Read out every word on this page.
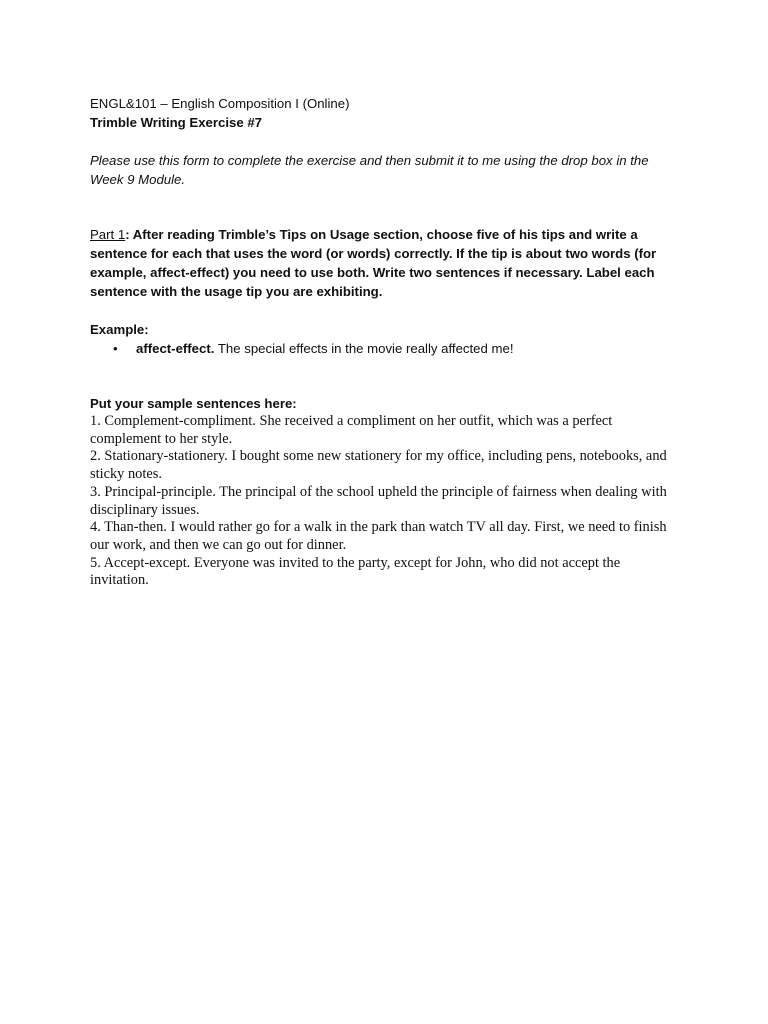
ENGL&101 – English Composition I (Online)

Trimble Writing Exercise #7

Please use this form to complete the exercise and then submit it to me using the drop box in the Week 9 Module.

Part 1: After reading Trimble’s Tips on Usage section, choose five of his tips and write a sentence for each that uses the word (or words) correctly. If the tip is about two words (for example, affect-effect) you need to use both. Write two sentences if necessary. Label each sentence with the usage tip you are exhibiting.

Example:

• affect-effect. The special effects in the movie really affected me!

Put your sample sentences here:

1. Complement-compliment. She received a compliment on her outfit, which was a perfect complement to her style.

2. Stationary-stationery. I bought some new stationery for my office, including pens, notebooks, and sticky notes.

3. Principal-principle. The principal of the school upheld the principle of fairness when dealing with disciplinary issues.

4. Than-then. I would rather go for a walk in the park than watch TV all day. First, we need to finish our work, and then we can go out for dinner.

5. Accept-except. Everyone was invited to the party, except for John, who did not accept the invitation.
